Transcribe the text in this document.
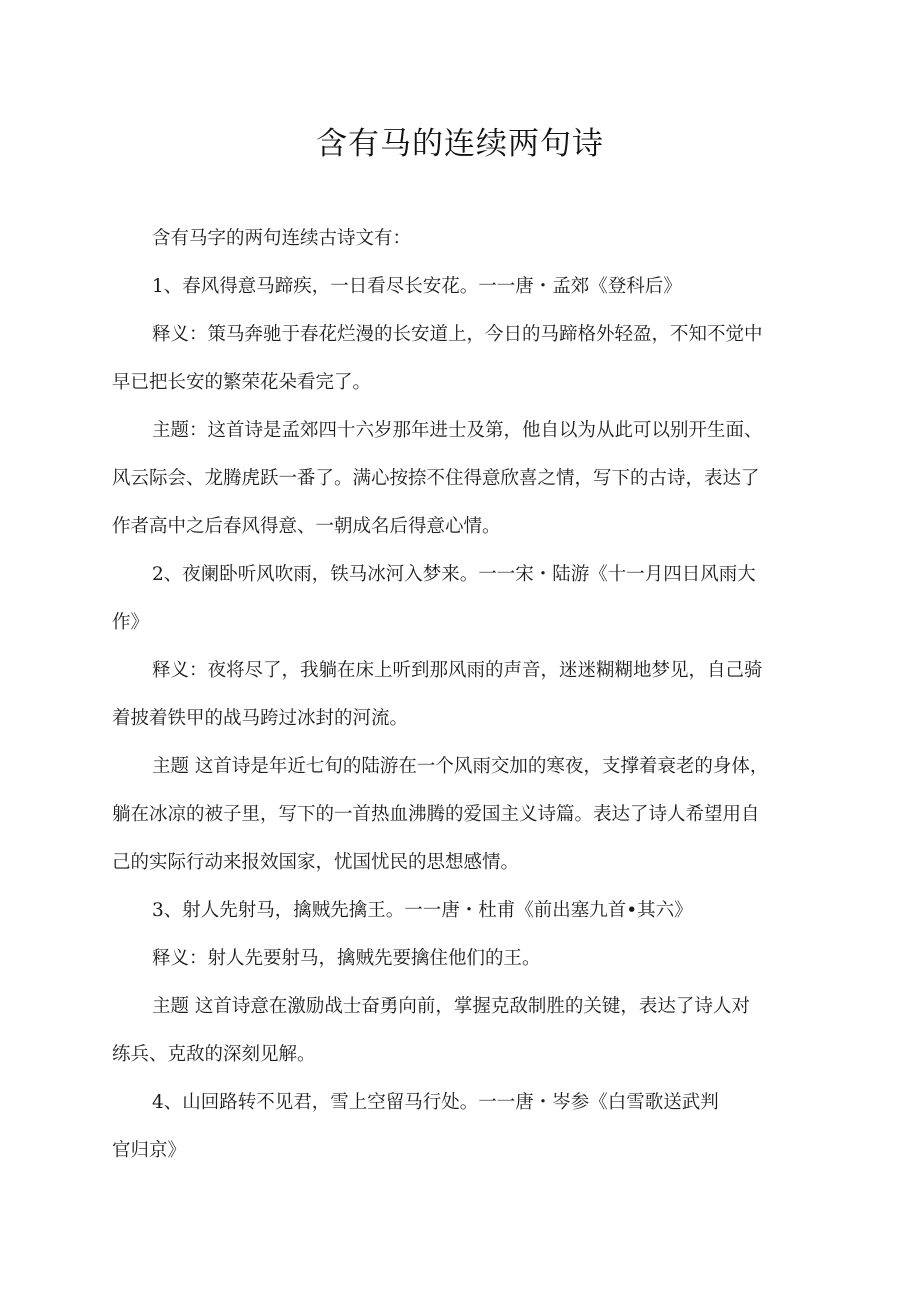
含有马的连续两句诗
含有马字的两句连续古诗文有：
1、春风得意马蹄疾，一日看尽长安花。一一唐・孟郊《登科后》
释义：策马奔驰于春花烂漫的长安道上，今日的马蹄格外轻盈，不知不觉中
早已把长安的繁荣花朵看完了。
主题：这首诗是孟郊四十六岁那年进士及第，他自以为从此可以别开生面、
风云际会、龙腾虎跃一番了。满心按捺不住得意欣喜之情，写下的古诗，表达了
作者高中之后春风得意、一朝成名后得意心情。
2、夜阑卧听风吹雨，铁马冰河入梦来。一一宋・陆游《十一月四日风雨大
作》
释义：夜将尽了，我躺在床上听到那风雨的声音，迷迷糊糊地梦见，自己骑
着披着铁甲的战马跨过冰封的河流。
主题 这首诗是年近七旬的陆游在一个风雨交加的寒夜，支撑着衰老的身体，
躺在冰凉的被子里，写下的一首热血沸腾的爱国主义诗篇。表达了诗人希望用自
己的实际行动来报效国家，忧国忧民的思想感情。
3、射人先射马，擒贼先擒王。一一唐・杜甫《前出塞九首•其六》
释义：射人先要射马，擒贼先要擒住他们的王。
主题 这首诗意在激励战士奋勇向前，掌握克敌制胜的关键，表达了诗人对
练兵、克敌的深刻见解。
4、山回路转不见君，雪上空留马行处。一一唐・岑参《白雪歌送武判
官归京》
